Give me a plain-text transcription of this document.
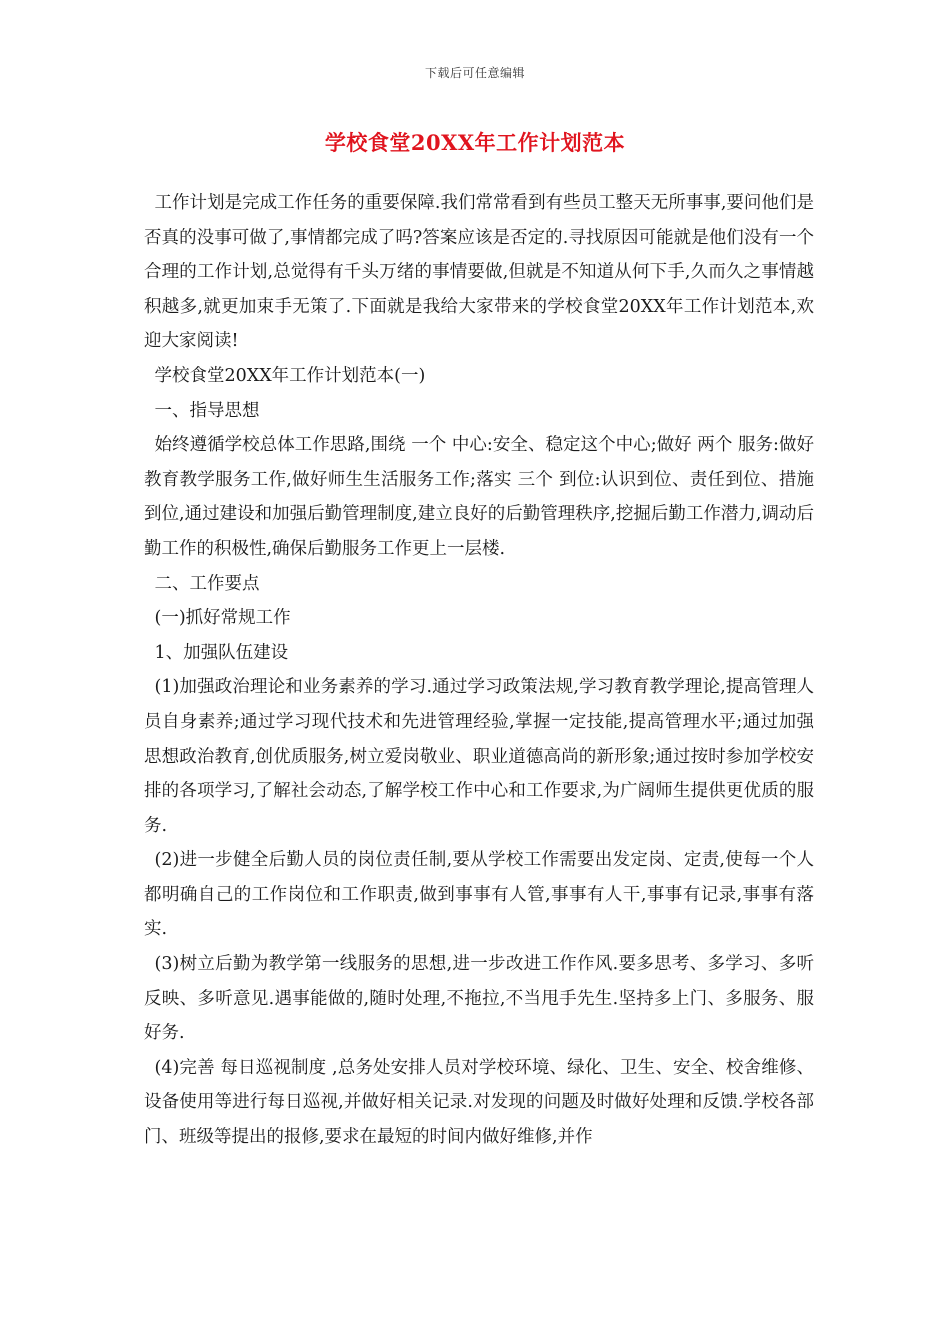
下载后可任意编辑
学校食堂20XX年工作计划范本

工作计划是完成工作任务的重要保障.我们常常看到有些员工整天无所事事,要问他们是否真的没事可做了,事情都完成了吗?答案应该是否定的.寻找原因可能就是他们没有一个合理的工作计划,总觉得有千头万绪的事情要做,但就是不知道从何下手,久而久之事情越积越多,就更加束手无策了.下面就是我给大家带来的学校食堂20XX年工作计划范本,欢迎大家阅读!

学校食堂20XX年工作计划范本(一)

一、指导思想

始终遵循学校总体工作思路,围绕 一个 中心:安全、稳定这个中心;做好 两个 服务:做好教育教学服务工作,做好师生生活服务工作;落实 三个 到位:认识到位、责任到位、措施到位,通过建设和加强后勤管理制度,建立良好的后勤管理秩序,挖掘后勤工作潜力,调动后勤工作的积极性,确保后勤服务工作更上一层楼.

二、工作要点

(一)抓好常规工作

1、加强队伍建设

(1)加强政治理论和业务素养的学习.通过学习政策法规,学习教育教学理论,提高管理人员自身素养;通过学习现代技术和先进管理经验,掌握一定技能,提高管理水平;通过加强思想政治教育,创优质服务,树立爱岗敬业、职业道德高尚的新形象;通过按时参加学校安排的各项学习,了解社会动态,了解学校工作中心和工作要求,为广阔师生提供更优质的服务.

(2)进一步健全后勤人员的岗位责任制,要从学校工作需要出发定岗、定责,使每一个人都明确自己的工作岗位和工作职责,做到事事有人管,事事有人干,事事有记录,事事有落实.

(3)树立后勤为教学第一线服务的思想,进一步改进工作作风.要多思考、多学习、多听反映、多听意见.遇事能做的,随时处理,不拖拉,不当甩手先生.坚持多上门、多服务、服好务.

(4)完善 每日巡视制度 ,总务处安排人员对学校环境、绿化、卫生、安全、校舍维修、设备使用等进行每日巡视,并做好相关记录.对发现的问题及时做好处理和反馈.学校各部门、班级等提出的报修,要求在最短的时间内做好维修,并作
